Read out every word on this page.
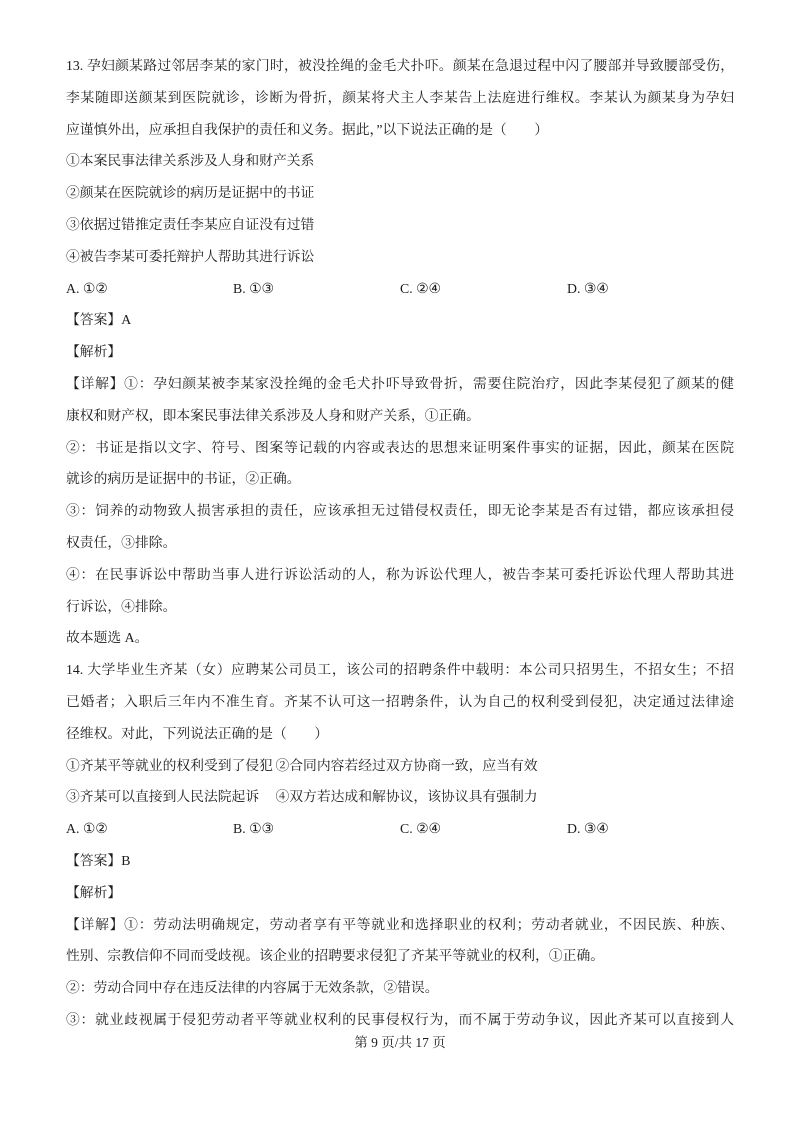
13. 孕妇颜某路过邻居李某的家门时，被没拴绳的金毛犬扑吓。颜某在急退过程中闪了腰部并导致腰部受伤，
李某随即送颜某到医院就诊，诊断为骨折，颜某将犬主人李某告上法庭进行维权。李某认为颜某身为孕妇
应谨慎外出，应承担自我保护的责任和义务。据此，”以下说法正确的是（　　）
①本案民事法律关系涉及人身和财产关系
②颜某在医院就诊的病历是证据中的书证
③依据过错推定责任李某应自证没有过错
④被告李某可委托辩护人帮助其进行诉讼
A. ①②	B. ①③	C. ②④	D. ③④
【答案】A
【解析】
【详解】①：孕妇颜某被李某家没拴绳的金毛犬扑吓导致骨折，需要住院治疗，因此李某侵犯了颜某的健
康权和财产权，即本案民事法律关系涉及人身和财产关系，①正确。
②：书证是指以文字、符号、图案等记载的内容或表达的思想来证明案件事实的证据，因此，颜某在医院
就诊的病历是证据中的书证，②正确。
③：饲养的动物致人损害承担的责任，应该承担无过错侵权责任，即无论李某是否有过错，都应该承担侵
权责任，③排除。
④：在民事诉讼中帮助当事人进行诉讼活动的人，称为诉讼代理人，被告李某可委托诉讼代理人帮助其进
行诉讼，④排除。
故本题选 A。
14. 大学毕业生齐某（女）应聘某公司员工，该公司的招聘条件中载明：本公司只招男生，不招女生；不招
已婚者；入职后三年内不准生育。齐某不认可这一招聘条件，认为自己的权利受到侵犯，决定通过法律途
径维权。对此，下列说法正确的是（　　）
①齐某平等就业的权利受到了侵犯 ②合同内容若经过双方协商一致，应当有效
③齐某可以直接到人民法院起诉 ④双方若达成和解协议，该协议具有强制力
A. ①②	B. ①③	C. ②④	D. ③④
【答案】B
【解析】
【详解】①：劳动法明确规定，劳动者享有平等就业和选择职业的权利；劳动者就业，不因民族、种族、
性别、宗教信仰不同而受歧视。该企业的招聘要求侵犯了齐某平等就业的权利，①正确。
②：劳动合同中存在违反法律的内容属于无效条款，②错误。
③：就业歧视属于侵犯劳动者平等就业权利的民事侵权行为，而不属于劳动争议，因此齐某可以直接到人
第 9 页/共 17 页
